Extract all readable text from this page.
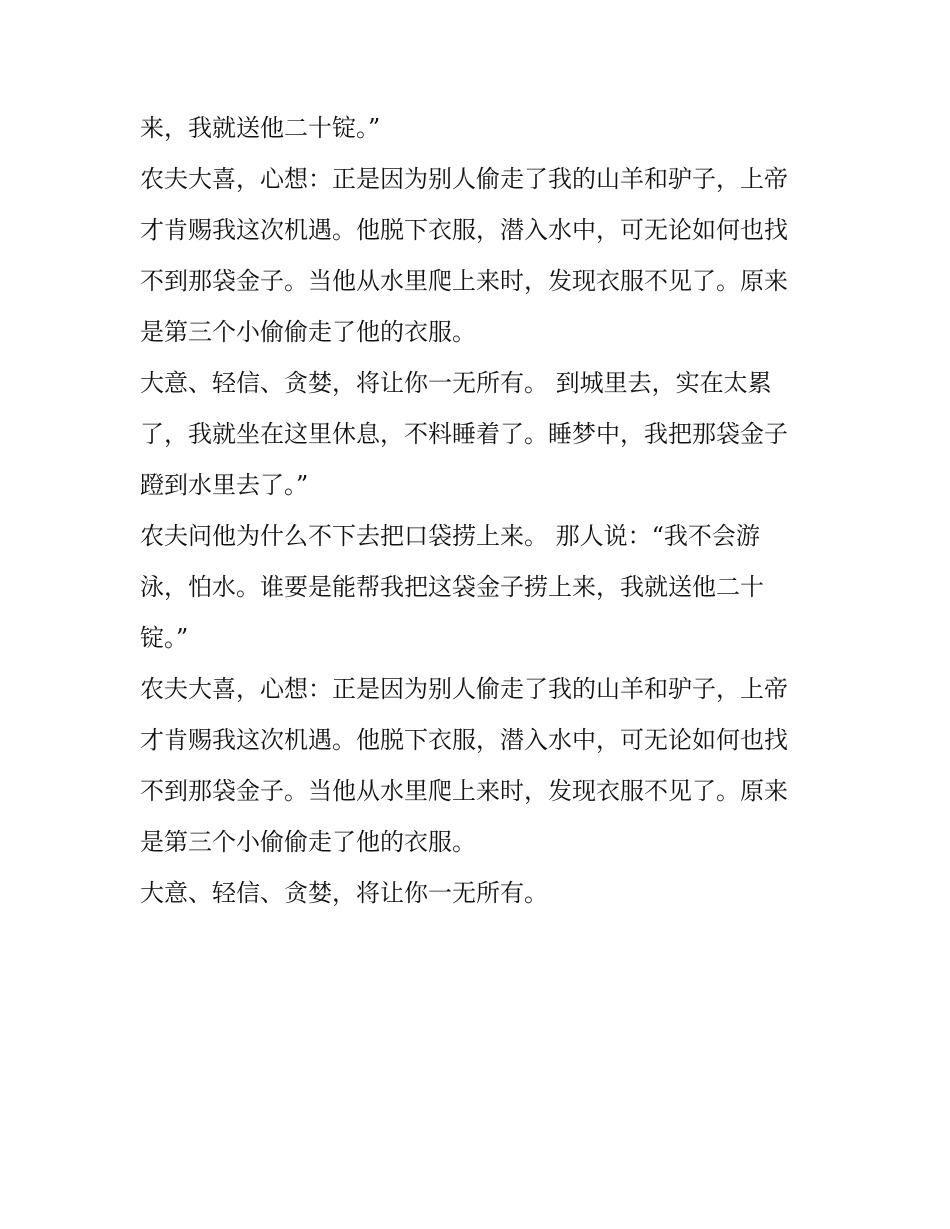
来，我就送他二十锭。”
农夫大喜，心想：正是因为别人偷走了我的山羊和驴子，上帝
才肯赐我这次机遇。他脱下衣服，潜入水中，可无论如何也找
不到那袋金子。当他从水里爬上来时，发现衣服不见了。原来
是第三个小偷偷走了他的衣服。
大意、轻信、贪婪，将让你一无所有。 到城里去，实在太累
了，我就坐在这里休息，不料睡着了。睡梦中，我把那袋金子
蹬到水里去了。”
农夫问他为什么不下去把口袋捞上来。 那人说：“我不会游
泳，怕水。谁要是能帮我把这袋金子捞上来，我就送他二十
锭。”
农夫大喜，心想：正是因为别人偷走了我的山羊和驴子，上帝
才肯赐我这次机遇。他脱下衣服，潜入水中，可无论如何也找
不到那袋金子。当他从水里爬上来时，发现衣服不见了。原来
是第三个小偷偷走了他的衣服。
大意、轻信、贪婪，将让你一无所有。
